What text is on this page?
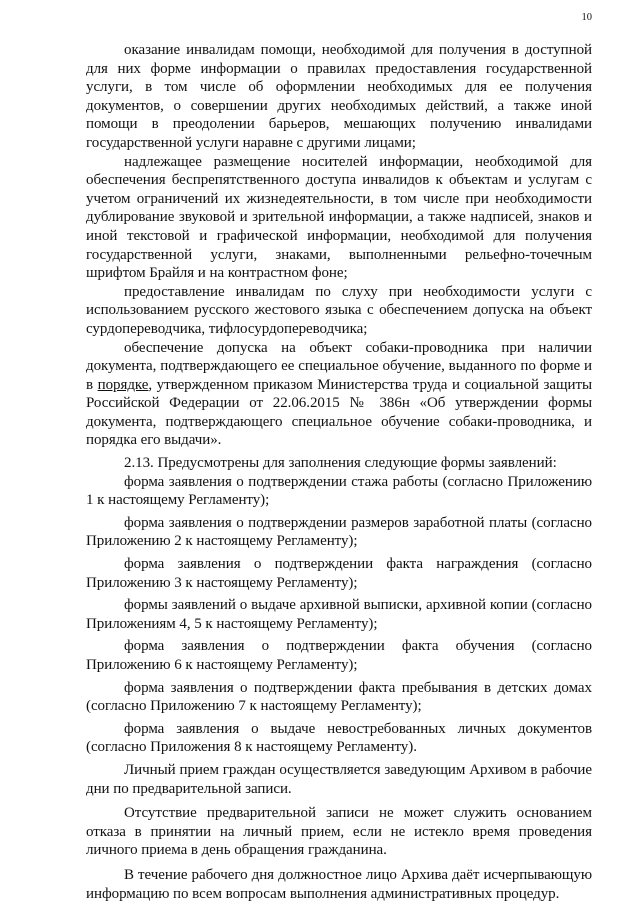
10

оказание инвалидам помощи, необходимой для получения в доступной для них форме информации о правилах предоставления государственной услуги, в том числе об оформлении необходимых для ее получения документов, о совершении других необходимых действий, а также иной помощи в преодолении барьеров, мешающих получению инвалидами государственной услуги наравне с другими лицами;

надлежащее размещение носителей информации, необходимой для обеспечения беспрепятственного доступа инвалидов к объектам и услугам с учетом ограничений их жизнедеятельности, в том числе при необходимости дублирование звуковой и зрительной информации, а также надписей, знаков и иной текстовой и графической информации, необходимой для получения государственной услуги, знаками, выполненными рельефно-точечным шрифтом Брайля и на контрастном фоне;

предоставление инвалидам по слуху при необходимости услуги с использованием русского жестового языка с обеспечением допуска на объект сурдопереводчика, тифлосурдопереводчика;

обеспечение допуска на объект собаки-проводника при наличии документа, подтверждающего ее специальное обучение, выданного по форме и в порядке, утвержденном приказом Министерства труда и социальной защиты Российской Федерации от 22.06.2015 № 386н «Об утверждении формы документа, подтверждающего специальное обучение собаки-проводника, и порядка его выдачи».

2.13. Предусмотрены для заполнения следующие формы заявлений:

форма заявления о подтверждении стажа работы (согласно Приложению 1 к настоящему Регламенту);

форма заявления о подтверждении размеров заработной платы (согласно Приложению 2 к настоящему Регламенту);

форма заявления о подтверждении факта награждения (согласно Приложению 3 к настоящему Регламенту);

формы заявлений о выдаче архивной выписки, архивной копии (согласно Приложениям 4, 5 к настоящему Регламенту);

форма заявления о подтверждении факта обучения (согласно Приложению 6 к настоящему Регламенту);

форма заявления о подтверждении факта пребывания в детских домах (согласно Приложению 7 к настоящему Регламенту);

форма заявления о выдаче невостребованных личных документов (согласно Приложения 8 к настоящему Регламенту).

Личный прием граждан осуществляется заведующим Архивом в рабочие дни по предварительной записи.

Отсутствие предварительной записи не может служить основанием отказа в принятии на личный прием, если не истекло время проведения личного приема в день обращения гражданина.

В течение рабочего дня должностное лицо Архива даёт исчерпывающую информацию по всем вопросам выполнения административных процедур.
